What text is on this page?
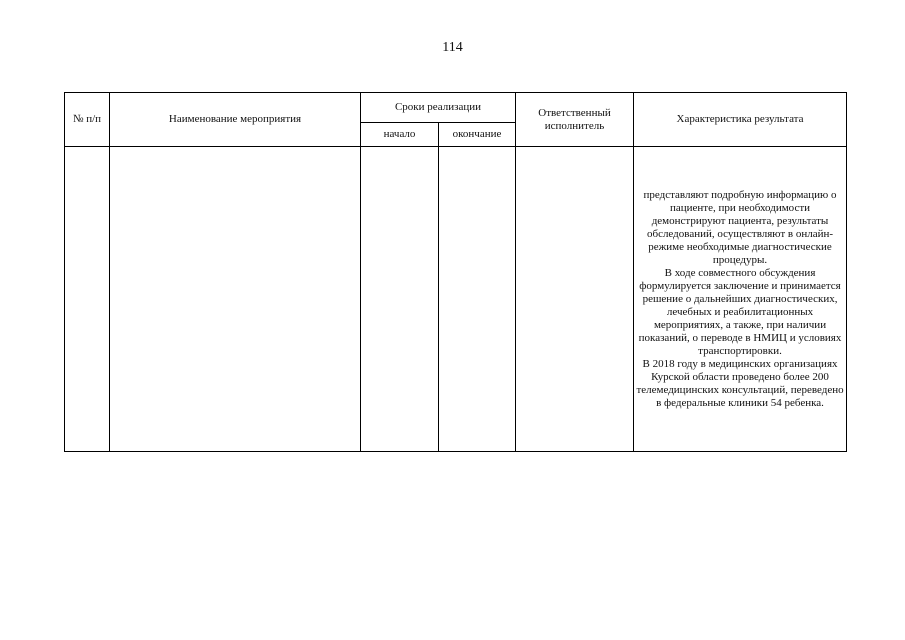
114
№ п/п	Наименование мероприятия	Сроки реализации		Ответственный исполнитель	Характеристика результата
		начало	окончание		

					представляют подробную информацию о пациенте, при необходимости демонстрируют пациента, результаты обследований, осуществляют в онлайн-режиме необходимые диагностические процедуры.
В ходе совместного обсуждения формулируется заключение и принимается решение о дальнейших диагностических, лечебных и реабилитационных мероприятиях, а также, при наличии показаний, о переводе в НМИЦ и условиях транспортировки.
В 2018 году в медицинских организациях Курской области проведено более 200 телемедицинских консультаций, переведено в федеральные клиники 54 ребенка.
